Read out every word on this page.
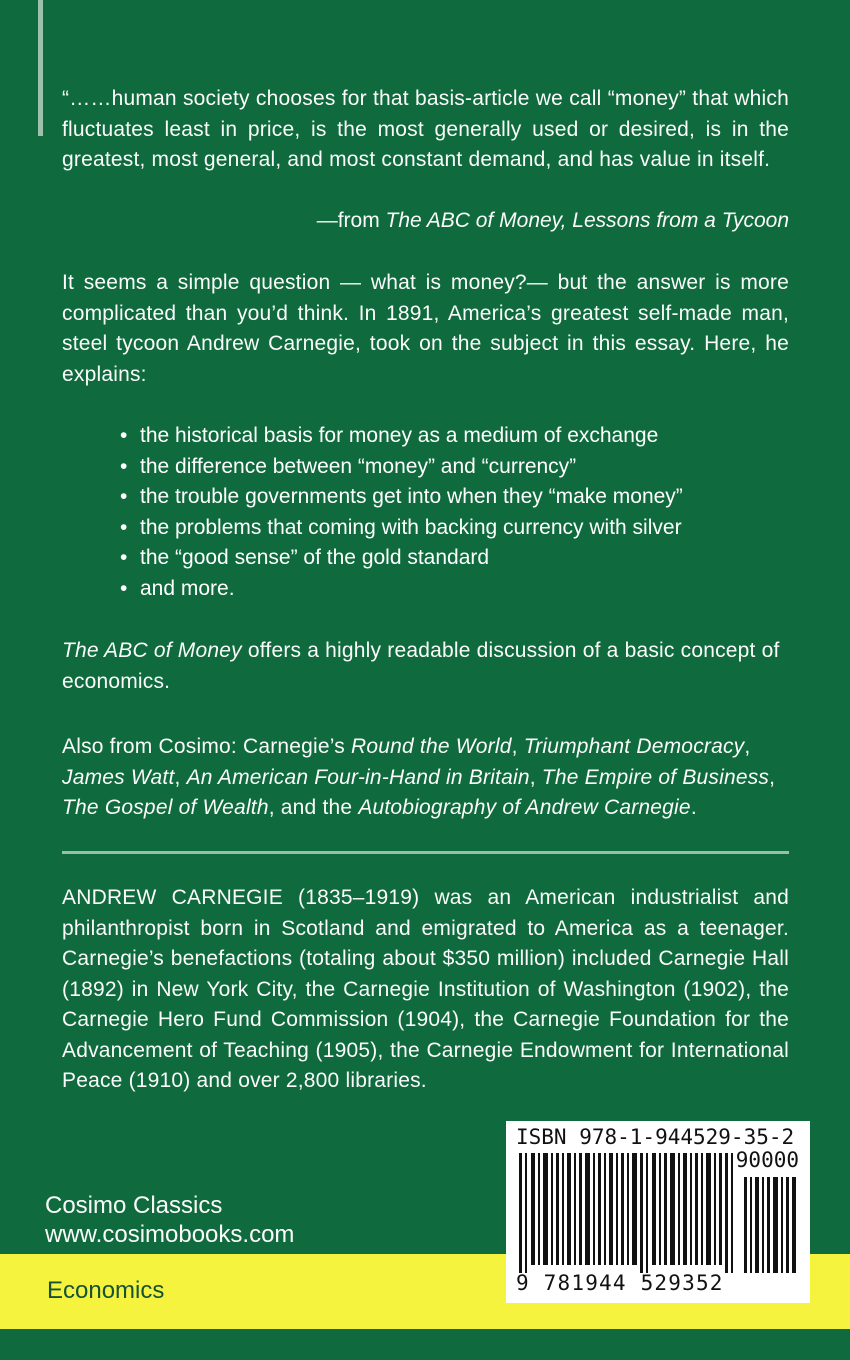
“……human society chooses for that basis-article we call “money” that which fluctuates least in price, is the most generally used or desired, is in the greatest, most general, and most constant demand, and has value in itself.

—from The ABC of Money, Lessons from a Tycoon

It seems a simple question — what is money?— but the answer is more complicated than you’d think. In 1891, America’s greatest self-made man, steel tycoon Andrew Carnegie, took on the subject in this essay. Here, he explains:

• the historical basis for money as a medium of exchange
• the difference between “money” and “currency”
• the trouble governments get into when they “make money”
• the problems that coming with backing currency with silver
• the “good sense” of the gold standard
• and more.

The ABC of Money offers a highly readable discussion of a basic concept of economics.

Also from Cosimo: Carnegie’s Round the World, Triumphant Democracy, James Watt, An American Four-in-Hand in Britain, The Empire of Business, The Gospel of Wealth, and the Autobiography of Andrew Carnegie.

ANDREW CARNEGIE (1835–1919) was an American industrialist and philanthropist born in Scotland and emigrated to America as a teenager. Carnegie’s benefactions (totaling about $350 million) included Carnegie Hall (1892) in New York City, the Carnegie Institution of Washington (1902), the Carnegie Hero Fund Commission (1904), the Carnegie Foundation for the Advancement of Teaching (1905), the Carnegie Endowment for International Peace (1910) and over 2,800 libraries.

Cosimo Classics
www.cosimobooks.com
Economics
ISBN 978-1-944529-35-2
90000
9 781944 529352
